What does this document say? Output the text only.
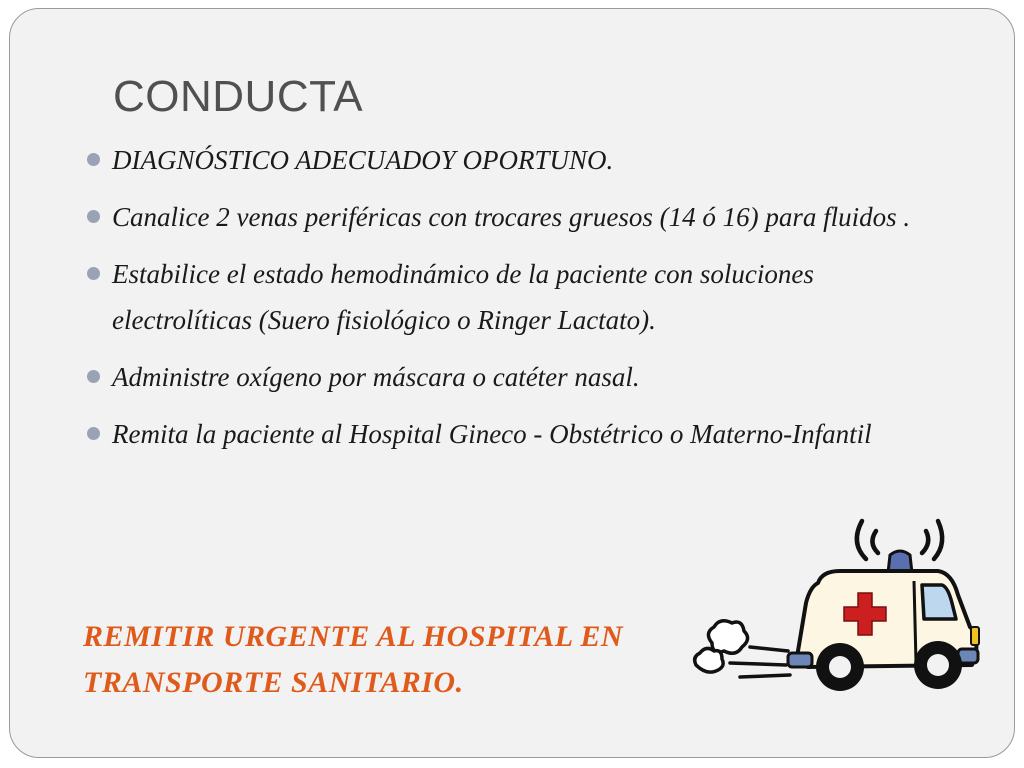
CONDUCTA
DIAGNÓSTICO ADECUADOY OPORTUNO.
Canalice 2 venas periféricas con trocares gruesos (14 ó 16) para fluidos .
Estabilice el estado hemodinámico de la paciente con soluciones electrolíticas (Suero fisiológico o Ringer Lactato).
Administre oxígeno por máscara o catéter nasal.
Remita la paciente al Hospital Gineco - Obstétrico o Materno-Infantil

REMITIR URGENTE AL HOSPITAL EN
TRANSPORTE SANITARIO.
